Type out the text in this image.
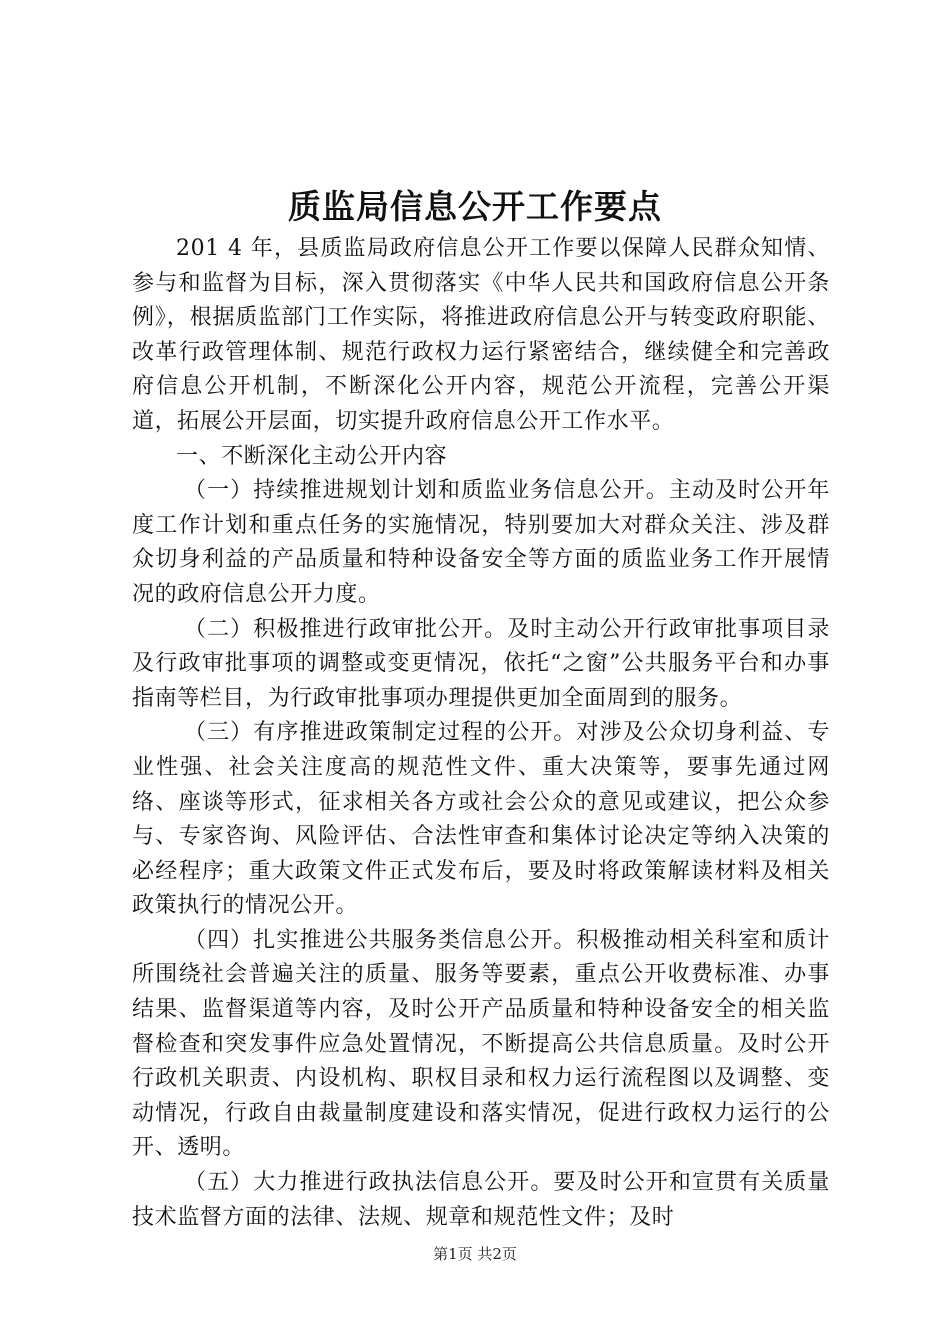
质监局信息公开工作要点

201 4 年，县质监局政府信息公开工作要以保障人民群众知情、参与和监督为目标，深入贯彻落实《中华人民共和国政府信息公开条例》，根据质监部门工作实际，将推进政府信息公开与转变政府职能、改革行政管理体制、规范行政权力运行紧密结合，继续健全和完善政府信息公开机制，不断深化公开内容，规范公开流程，完善公开渠道，拓展公开层面，切实提升政府信息公开工作水平。

一、不断深化主动公开内容

（一）持续推进规划计划和质监业务信息公开。主动及时公开年度工作计划和重点任务的实施情况，特别要加大对群众关注、涉及群众切身利益的产品质量和特种设备安全等方面的质监业务工作开展情况的政府信息公开力度。

（二）积极推进行政审批公开。及时主动公开行政审批事项目录及行政审批事项的调整或变更情况，依托“之窗”公共服务平台和办事指南等栏目，为行政审批事项办理提供更加全面周到的服务。

（三）有序推进政策制定过程的公开。对涉及公众切身利益、专业性强、社会关注度高的规范性文件、重大决策等，要事先通过网络、座谈等形式，征求相关各方或社会公众的意见或建议，把公众参与、专家咨询、风险评估、合法性审查和集体讨论决定等纳入决策的必经程序；重大政策文件正式发布后，要及时将政策解读材料及相关政策执行的情况公开。

（四）扎实推进公共服务类信息公开。积极推动相关科室和质计所围绕社会普遍关注的质量、服务等要素，重点公开收费标准、办事结果、监督渠道等内容，及时公开产品质量和特种设备安全的相关监督检查和突发事件应急处置情况，不断提高公共信息质量。及时公开行政机关职责、内设机构、职权目录和权力运行流程图以及调整、变动情况，行政自由裁量制度建设和落实情况，促进行政权力运行的公开、透明。

（五）大力推进行政执法信息公开。要及时公开和宣贯有关质量技术监督方面的法律、法规、规章和规范性文件；及时

第1页 共2页
